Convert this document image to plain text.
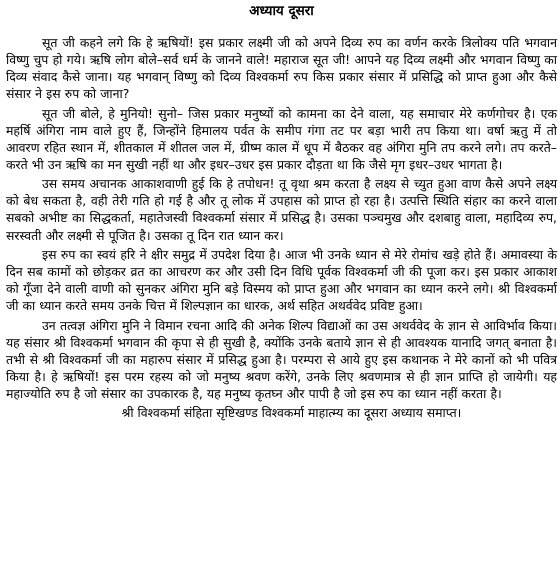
अध्याय दूसरा

सूत जी कहने लगे कि हे ऋषियों! इस प्रकार लक्ष्मी जी को अपने दिव्य रुप का वर्णन करके त्रिलोक्य पति भगवान विष्णु चुप हो गये। ऋषि लोग बोले–सर्व धर्म के जानने वाले! महाराज सूत जी! आपने यह दिव्य लक्ष्मी और भगवान विष्णु का दिव्य संवाद कैसे जाना। यह भगवान् विष्णु को दिव्य विश्वकर्मा रुप किस प्रकार संसार में प्रसिद्धि को प्राप्त हुआ और कैसे संसार ने इस रुप को जाना?

सूत जी बोले, हे मुनियो! सुनो– जिस प्रकार मनुष्यों को कामना का देने वाला, यह समाचार मेरे कर्णगोचर है। एक महर्षि अंगिरा नाम वाले हुए हैं, जिन्होंने हिमालय पर्वत के समीप गंगा तट पर बड़ा भारी तप किया था। वर्षा ऋतु में तो आवरण रहित स्थान में, शीतकाल में शीतल जल में, ग्रीष्म काल में धूप में बैठकर वह अंगिरा मुनि तप करने लगे। तप करते–करते भी उन ऋषि का मन सुखी नहीं था और इधर–उधर इस प्रकार दौड़ता था कि जैसे मृग इधर–उधर भागता है।

उस समय अचानक आकाशवाणी हुई कि हे तपोधन! तू वृथा श्रम करता है लक्ष्य से च्युत हुआ वाण कैसे अपने लक्ष्य को बेध सकता है, वही तेरी गति हो गई है और तू लोक में उपहास को प्राप्त हो रहा है। उत्पत्ति स्थिति संहार का करने वाला सबको अभीष्ट का सिद्धकर्ता, महातेजस्वी विश्वकर्मा संसार में प्रसिद्ध है। उसका पञ्चमुख और दशबाहु वाला, महादिव्य रुप, सरस्वती और लक्ष्मी से पूजित है। उसका तू दिन रात ध्यान कर।

इस रुप का स्वयं हरि ने क्षीर समुद्र में उपदेश दिया है। आज भी उनके ध्यान से मेरे रोमांच खड़े होते हैं। अमावस्या के दिन सब कामों को छोड़कर व्रत का आचरण कर और उसी दिन विधि पूर्वक विश्वकर्मा जी की पूजा कर। इस प्रकार आकाश को गूँजा देने वाली वाणी को सुनकर अंगिरा मुनि बड़े विस्मय को प्राप्त हुआ और भगवान का ध्यान करने लगे। श्री विश्वकर्मा जी का ध्यान करते समय उनके चित्त में शिल्पज्ञान का धारक, अर्थ सहित अथर्ववेद प्रविष्ट हुआ।

उन तत्वज्ञ अंगिरा मुनि ने विमान रचना आदि की अनेक शिल्प विद्याओं का उस अथर्ववेद के ज्ञान से आविर्भाव किया। यह संसार श्री विश्वकर्मा भगवान की कृपा से ही सुखी है, क्योंकि उनके बताये ज्ञान से ही आवश्यक यानादि जगत् बनाता है। तभी से श्री विश्वकर्मा जी का महारुप संसार में प्रसिद्ध हुआ है। परम्परा से आये हुए इस कथानक ने मेरे कानों को भी पवित्र किया है। हे ऋषियों! इस परम रहस्य को जो मनुष्य श्रवण करेंगे, उनके लिए श्रवणमात्र से ही ज्ञान प्राप्ति हो जायेगी। यह महाज्योति रुप है जो संसार का उपकारक है, यह मनुष्य कृतघ्न और पापी है जो इस रुप का ध्यान नहीं करता है।

श्री विश्वकर्मा संहिता सृष्टिखण्ड विश्वकर्मा माहात्म्य का दूसरा अध्याय समाप्त।
